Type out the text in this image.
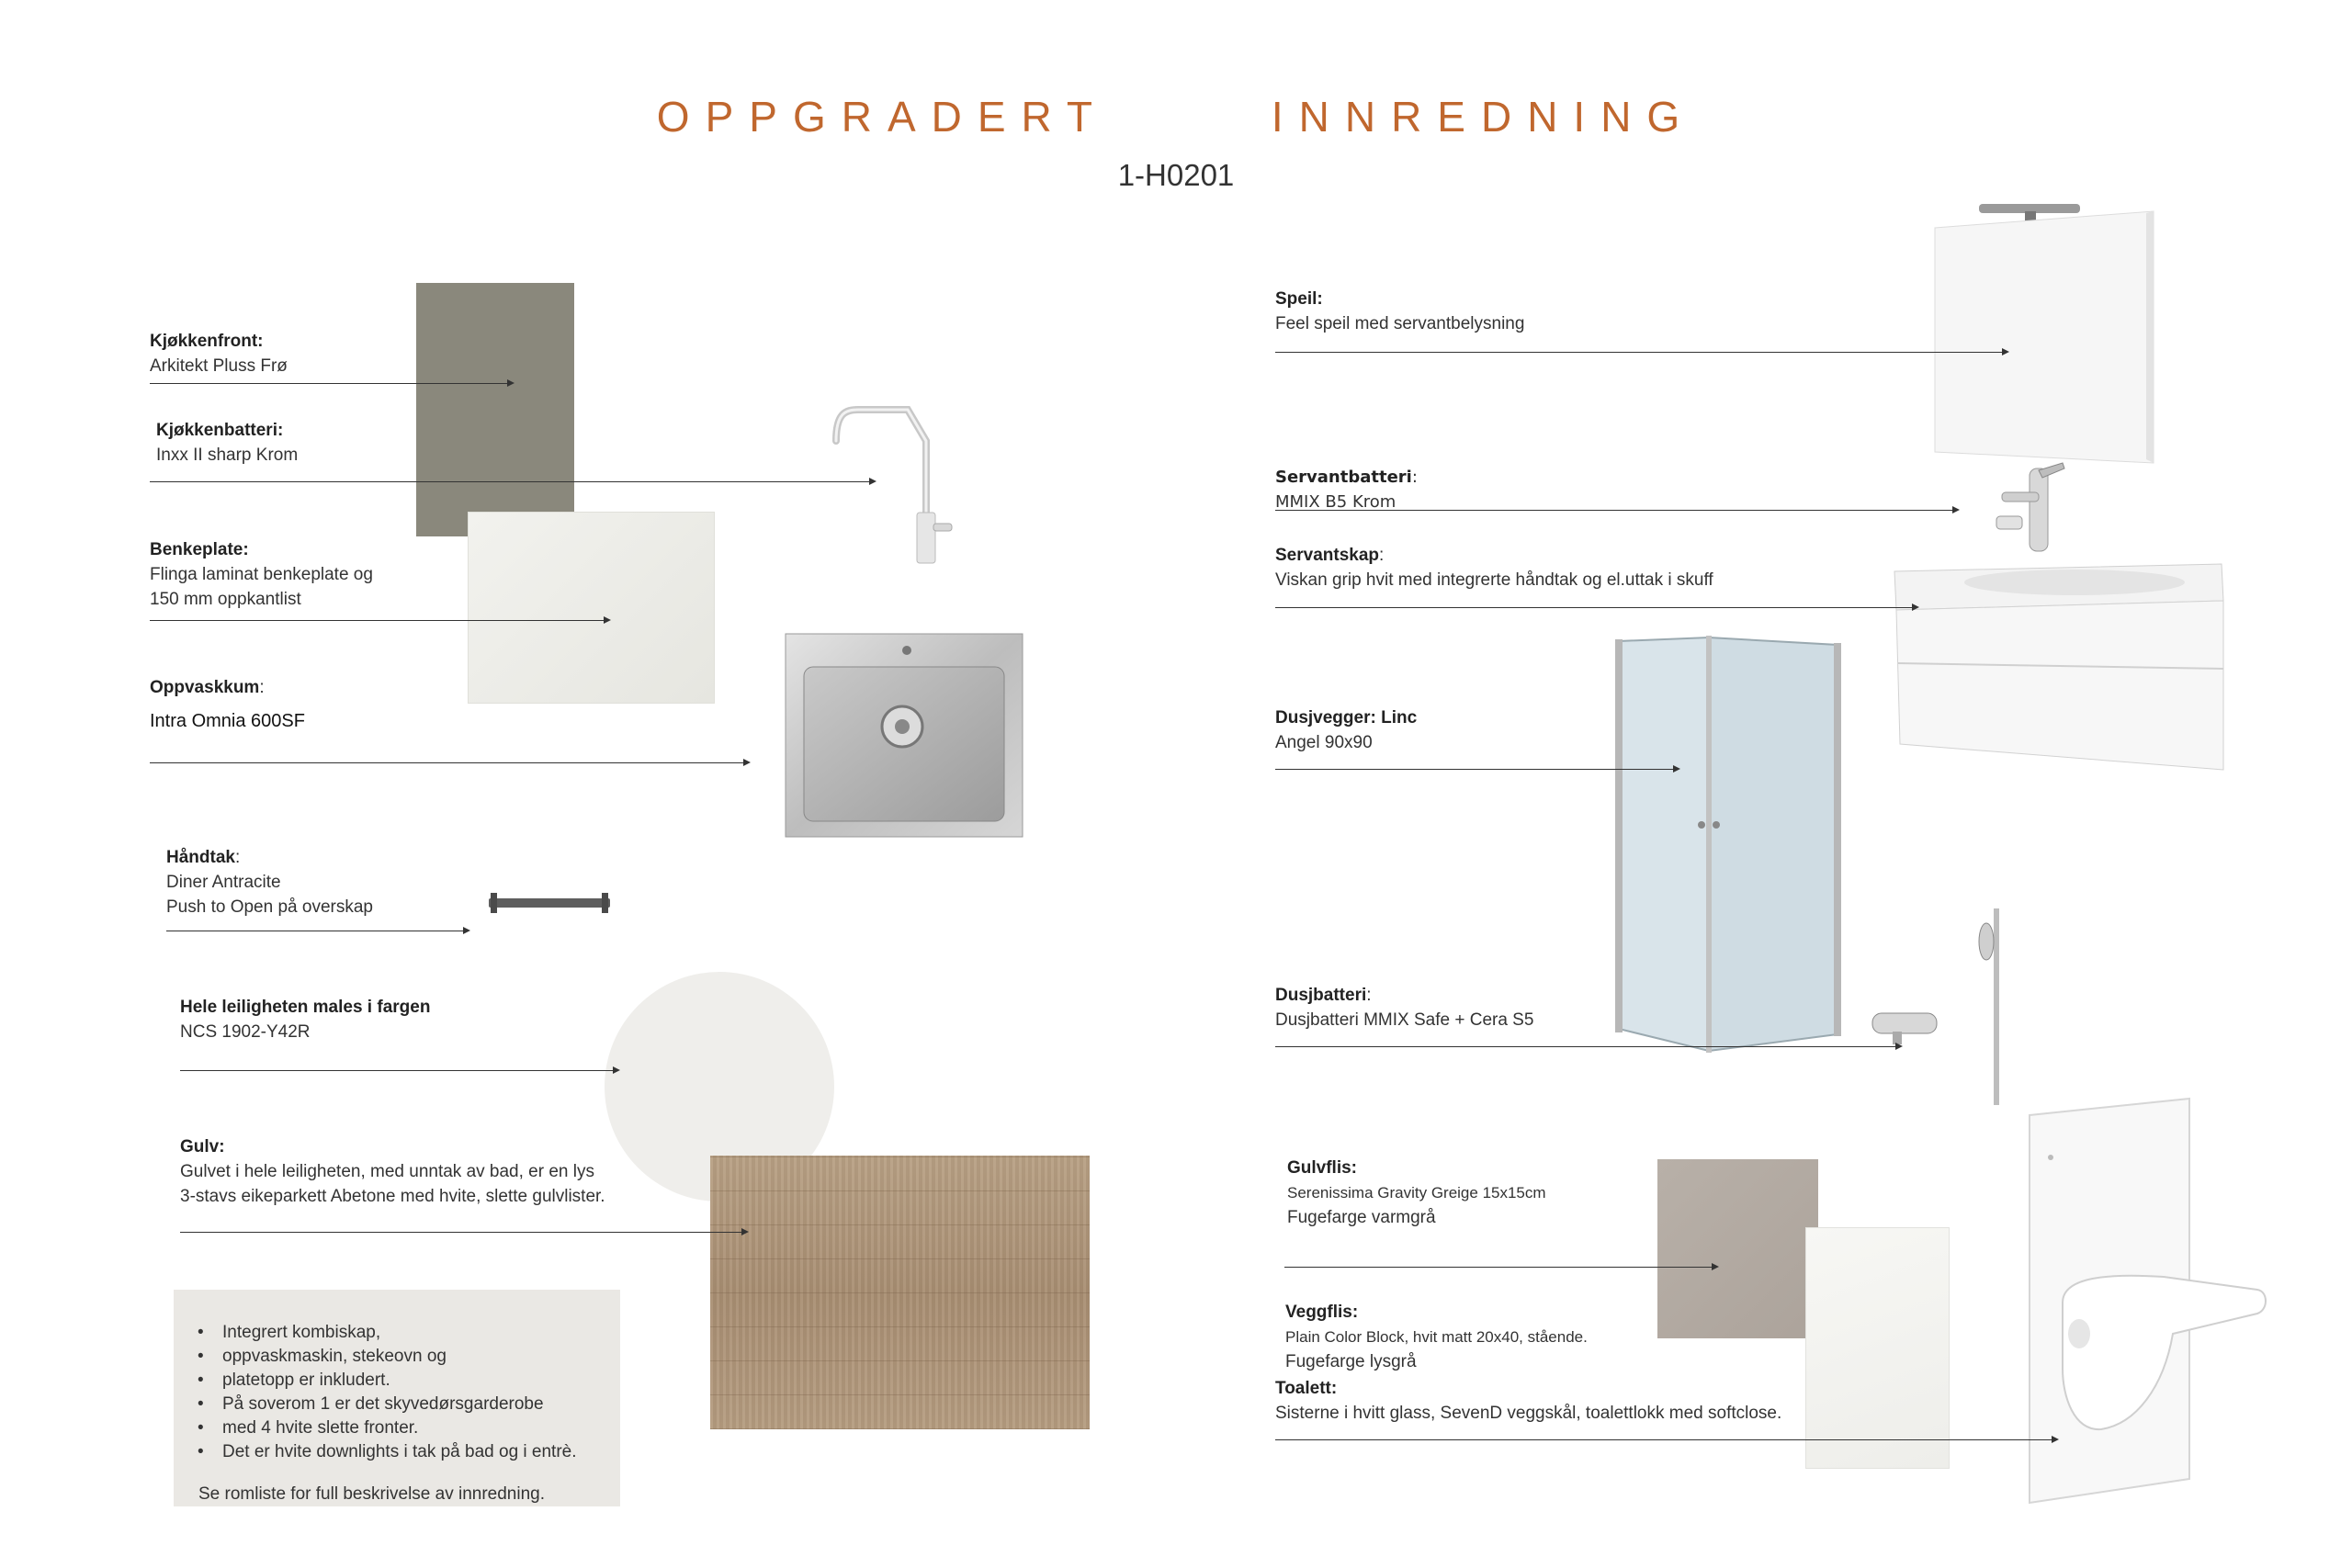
OPPGRADERT      INNREDNING
1-H0201
Kjøkkenfront:
Arkitekt Pluss Frø
Kjøkkenbatteri:
Inxx II sharp Krom
Benkeplate:
Flinga laminat benkeplate og
150 mm oppkantlist
Oppvaskkum:
Intra Omnia 600SF
Håndtak:
Diner Antracite
Push to Open på overskap
Hele leiligheten males i fargen
NCS 1902-Y42R
Gulv:
Gulvet i hele leiligheten, med unntak av bad, er en lys
3-stavs eikeparkett Abetone med hvite, slette gulvlister.
• Integrert kombiskap,
• oppvaskmaskin, stekeovn og
• platetopp er inkludert.
• På soverom 1 er det skyvedørsgarderobe
• med 4 hvite slette fronter.
• Det er hvite downlights i tak på bad og i entrè.
Se romliste for full beskrivelse av innredning.
Speil:
Feel speil med servantbelysning
Servantbatteri:
MMIX B5 Krom
Servantskap:
Viskan grip hvit med integrerte håndtak og el.uttak i skuff
Dusjvegger: Linc
Angel 90x90
Dusjbatteri:
Dusjbatteri MMIX Safe + Cera S5
Gulvflis:
Serenissima Gravity Greige 15x15cm
Fugefarge varmgrå
Veggflis:
Plain Color Block, hvit matt 20x40, stående.
Fugefarge lysgrå
Toalett:
Sisterne i hvitt glass, SevenD veggskål, toalettlokk med softclose.
